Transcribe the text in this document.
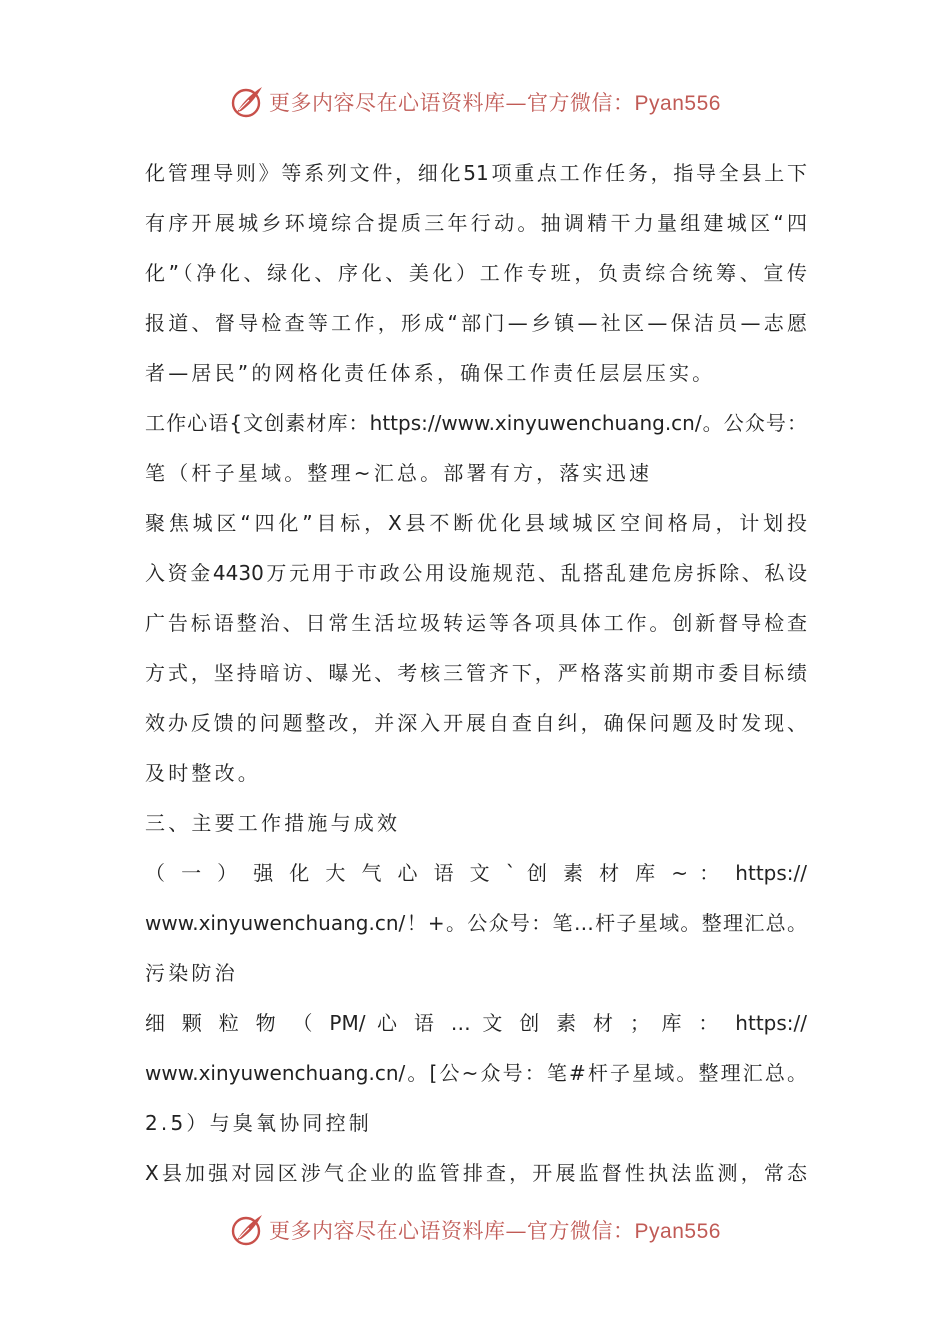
更多内容尽在心语资料库—官方微信：Pyan556
化管理导则》等系列文件，细化51项重点工作任务，指导全县上下
有序开展城乡环境综合提质三年行动。抽调精干力量组建城区“四
化”（净化、绿化、序化、美化）工作专班，负责综合统筹、宣传
报道、督导检查等工作，形成“部门—乡镇—社区—保洁员—志愿
者—居民”的网格化责任体系，确保工作责任层层压实。
工作心语{文创素材库：https://www.xinyuwenchuang.cn/。公众号：
笔（杆子星域。整理~汇总。部署有方，落实迅速
聚焦城区“四化”目标，X县不断优化县域城区空间格局，计划投
入资金4430万元用于市政公用设施规范、乱搭乱建危房拆除、私设
广告标语整治、日常生活垃圾转运等各项具体工作。创新督导检查
方式，坚持暗访、曝光、考核三管齐下，严格落实前期市委目标绩
效办反馈的问题整改，并深入开展自查自纠，确保问题及时发现、
及时整改。
三、主要工作措施与成效
（ 一 ） 强 化 大 气 心 语 文 ` 创 素 材 库 ~ ： https://
www.xinyuwenchuang.cn/！+。公众号：笔…杆子星域。整理汇总。
污染防治
细 颗 粒 物 （ PM/ 心 语 … 文 创 素 材 ； 库 ： https://
www.xinyuwenchuang.cn/。[公~众号：笔#杆子星域。整理汇总。
2.5）与臭氧协同控制
X县加强对园区涉气企业的监管排查，开展监督性执法监测，常态
更多内容尽在心语资料库—官方微信：Pyan556
